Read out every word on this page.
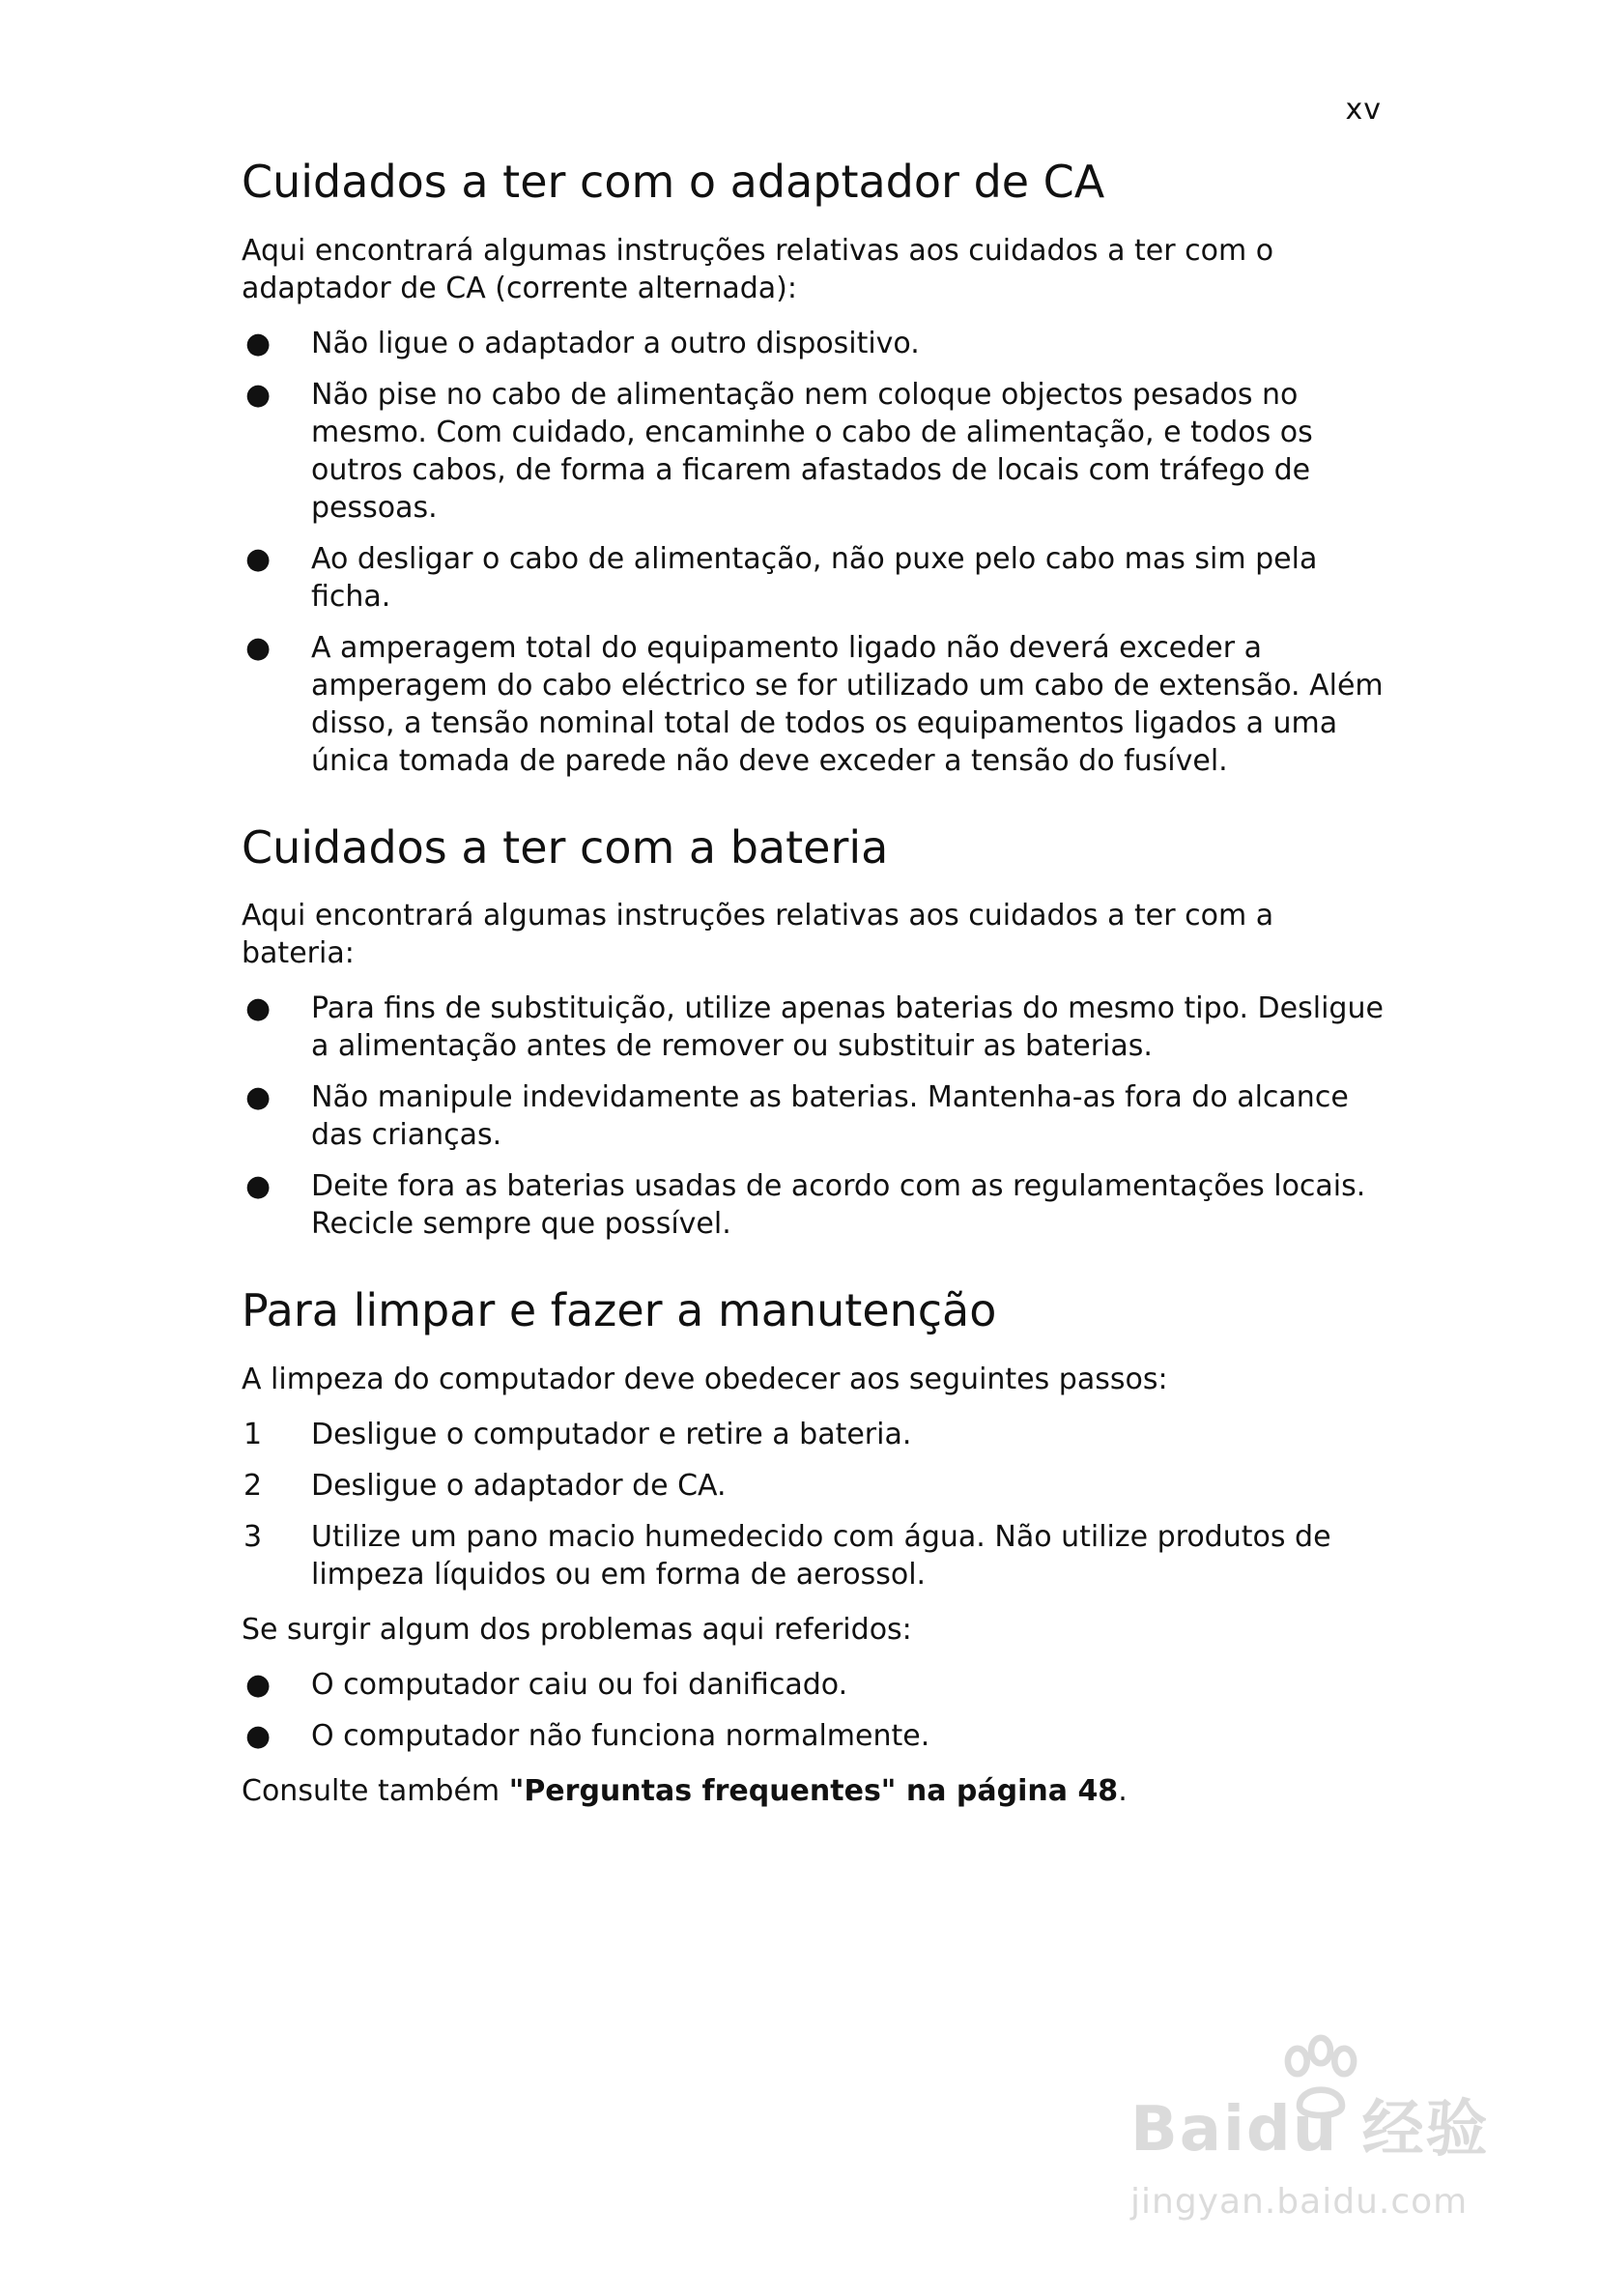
xv
Cuidados a ter com o adaptador de CA

Aqui encontrará algumas instruções relativas aos cuidados a ter com o adaptador de CA (corrente alternada):

● Não ligue o adaptador a outro dispositivo.
● Não pise no cabo de alimentação nem coloque objectos pesados no mesmo. Com cuidado, encaminhe o cabo de alimentação, e todos os outros cabos, de forma a ficarem afastados de locais com tráfego de pessoas.
● Ao desligar o cabo de alimentação, não puxe pelo cabo mas sim pela ficha.
● A amperagem total do equipamento ligado não deverá exceder a amperagem do cabo eléctrico se for utilizado um cabo de extensão. Além disso, a tensão nominal total de todos os equipamentos ligados a uma única tomada de parede não deve exceder a tensão do fusível.
Cuidados a ter com a bateria

Aqui encontrará algumas instruções relativas aos cuidados a ter com a bateria:

● Para fins de substituição, utilize apenas baterias do mesmo tipo. Desligue a alimentação antes de remover ou substituir as baterias.
● Não manipule indevidamente as baterias. Mantenha-as fora do alcance das crianças.
● Deite fora as baterias usadas de acordo com as regulamentações locais. Recicle sempre que possível.
Para limpar e fazer a manutenção

A limpeza do computador deve obedecer aos seguintes passos:

1	Desligue o computador e retire a bateria.
2	Desligue o adaptador de CA.
3	Utilize um pano macio humedecido com água. Não utilize produtos de limpeza líquidos ou em forma de aerossol.

Se surgir algum dos problemas aqui referidos:

● O computador caiu ou foi danificado.
● O computador não funciona normalmente.

Consulte também "Perguntas frequentes" na página 48.

Baidu 经验
jingyan.baidu.com
